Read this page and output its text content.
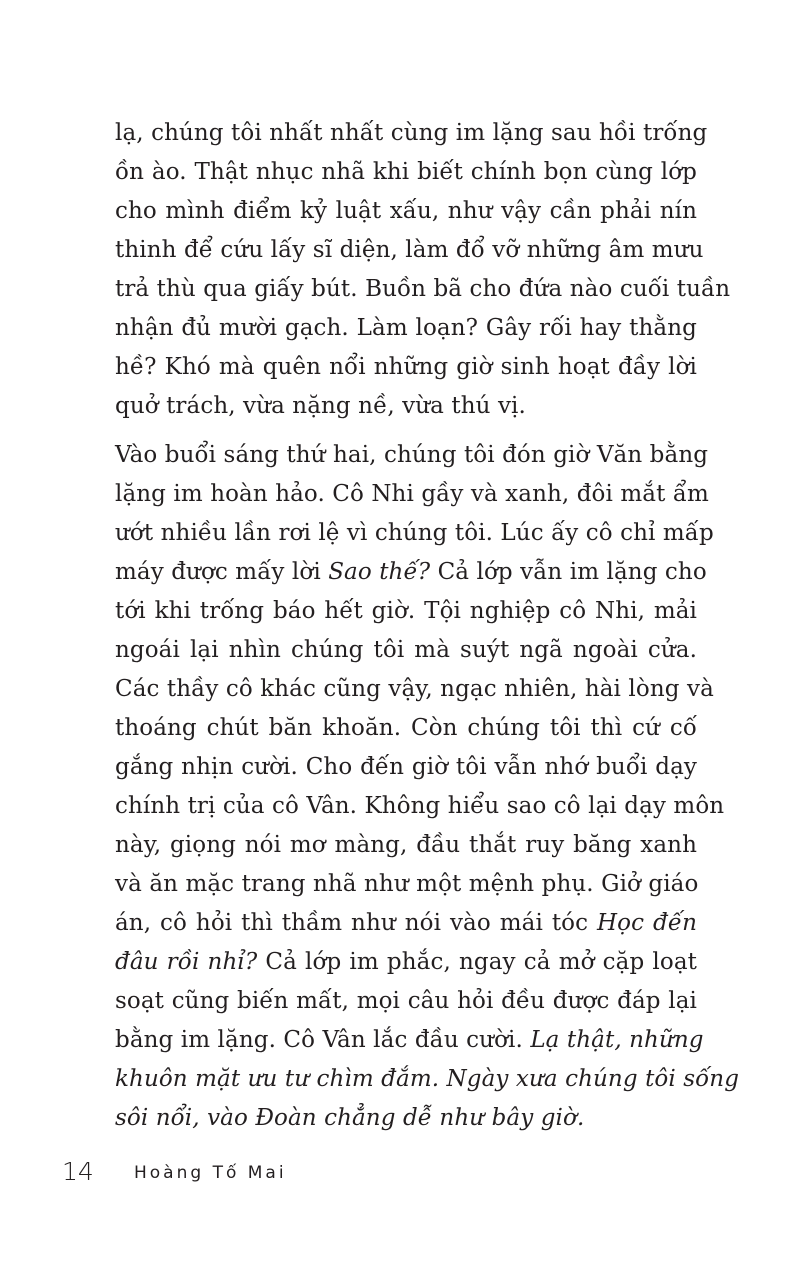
lạ, chúng tôi nhất nhất cùng im lặng sau hồi trống
ồn ào. Thật nhục nhã khi biết chính bọn cùng lớp
cho mình điểm kỷ luật xấu, như vậy cần phải nín
thinh để cứu lấy sĩ diện, làm đổ vỡ những âm mưu
trả thù qua giấy bút. Buồn bã cho đứa nào cuối tuần
nhận đủ mười gạch. Làm loạn? Gây rối hay thằng
hề? Khó mà quên nổi những giờ sinh hoạt đầy lời
quở trách, vừa nặng nề, vừa thú vị.
Vào buổi sáng thứ hai, chúng tôi đón giờ Văn bằng
lặng im hoàn hảo. Cô Nhi gầy và xanh, đôi mắt ẩm
ướt nhiều lần rơi lệ vì chúng tôi. Lúc ấy cô chỉ mấp
máy được mấy lời Sao thế? Cả lớp vẫn im lặng cho
tới khi trống báo hết giờ. Tội nghiệp cô Nhi, mải
ngoái lại nhìn chúng tôi mà suýt ngã ngoài cửa.
Các thầy cô khác cũng vậy, ngạc nhiên, hài lòng và
thoáng chút băn khoăn. Còn chúng tôi thì cứ cố
gắng nhịn cười. Cho đến giờ tôi vẫn nhớ buổi dạy
chính trị của cô Vân. Không hiểu sao cô lại dạy môn
này, giọng nói mơ màng, đầu thắt ruy băng xanh
và ăn mặc trang nhã như một mệnh phụ. Giở giáo
án, cô hỏi thì thầm như nói vào mái tóc Học đến
đâu rồi nhỉ? Cả lớp im phắc, ngay cả mở cặp loạt
soạt cũng biến mất, mọi câu hỏi đều được đáp lại
bằng im lặng. Cô Vân lắc đầu cười. Lạ thật, những
khuôn mặt ưu tư chìm đắm. Ngày xưa chúng tôi sống
sôi nổi, vào Đoàn chẳng dễ như bây giờ.
14 Hoàng Tố Mai
